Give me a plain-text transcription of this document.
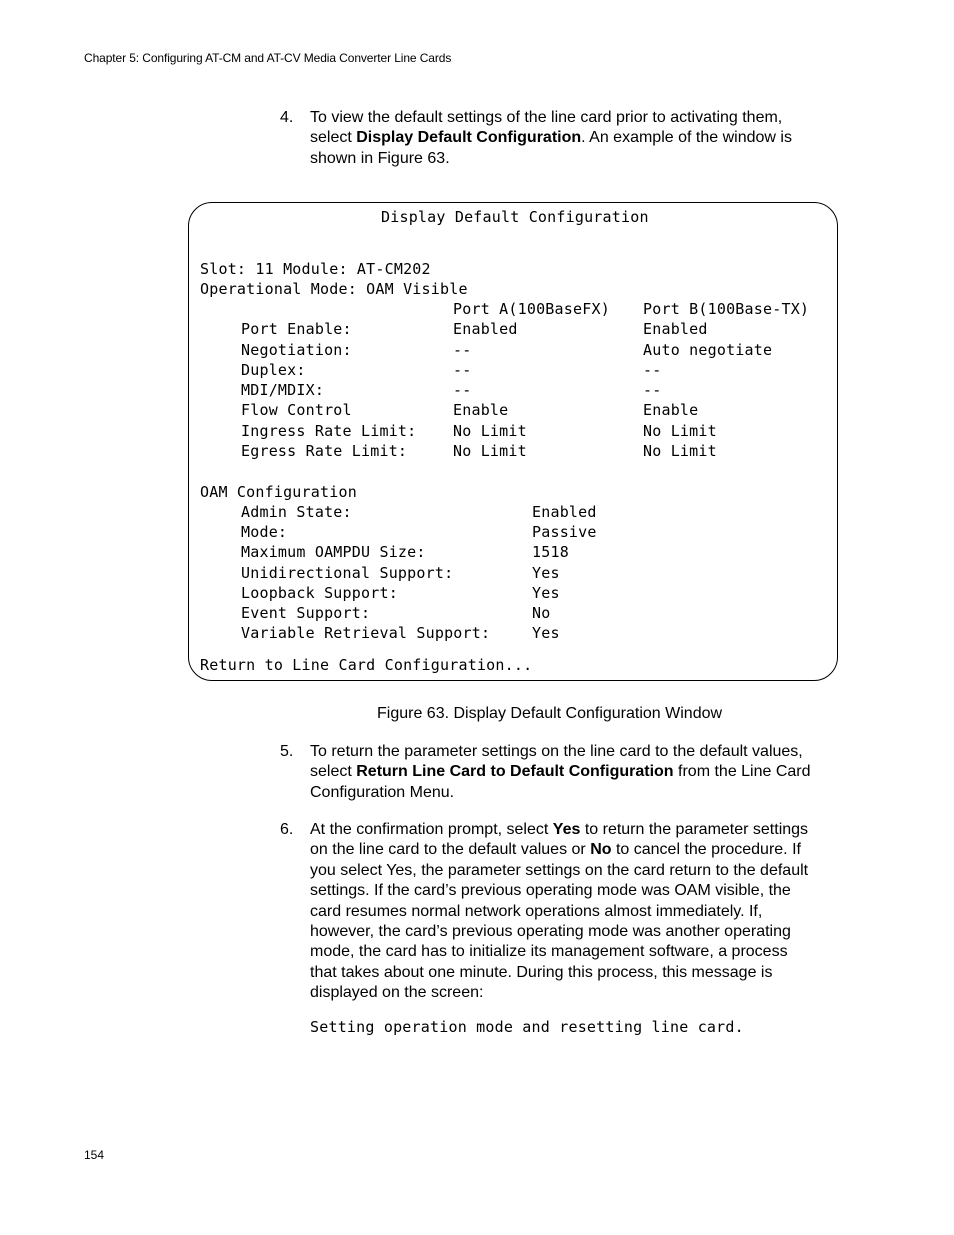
Chapter 5: Configuring AT-CM and AT-CV Media Converter Line Cards
4.	To view the default settings of the line card prior to activating them,
select Display Default Configuration. An example of the window is
shown in Figure 63.
Display Default Configuration
Slot: 11 Module: AT-CM202
Operational Mode: OAM Visible
Port A(100BaseFX) Port B(100Base-TX)
Port Enable:	Enabled	Enabled
Negotiation:	--	Auto negotiate
Duplex:	--	--
MDI/MDIX:	--	--
Flow Control	Enable	Enable
Ingress Rate Limit: No Limit	No Limit
Egress Rate Limit:	No Limit	No Limit
OAM Configuration
Admin State:	Enabled
Mode:	Passive
Maximum OAMPDU Size:	1518
Unidirectional Support:	Yes
Loopback Support:	Yes
Event Support:	No
Variable Retrieval Support:	Yes
Return to Line Card Configuration...
Figure 63. Display Default Configuration Window
5.	To return the parameter settings on the line card to the default values,
select Return Line Card to Default Configuration from the Line Card
Configuration Menu.
6.	At the confirmation prompt, select Yes to return the parameter settings
on the line card to the default values or No to cancel the procedure. If
you select Yes, the parameter settings on the card return to the default
settings. If the card’s previous operating mode was OAM visible, the
card resumes normal network operations almost immediately. If,
however, the card’s previous operating mode was another operating
mode, the card has to initialize its management software, a process
that takes about one minute. During this process, this message is
displayed on the screen:
Setting operation mode and resetting line card.
154
